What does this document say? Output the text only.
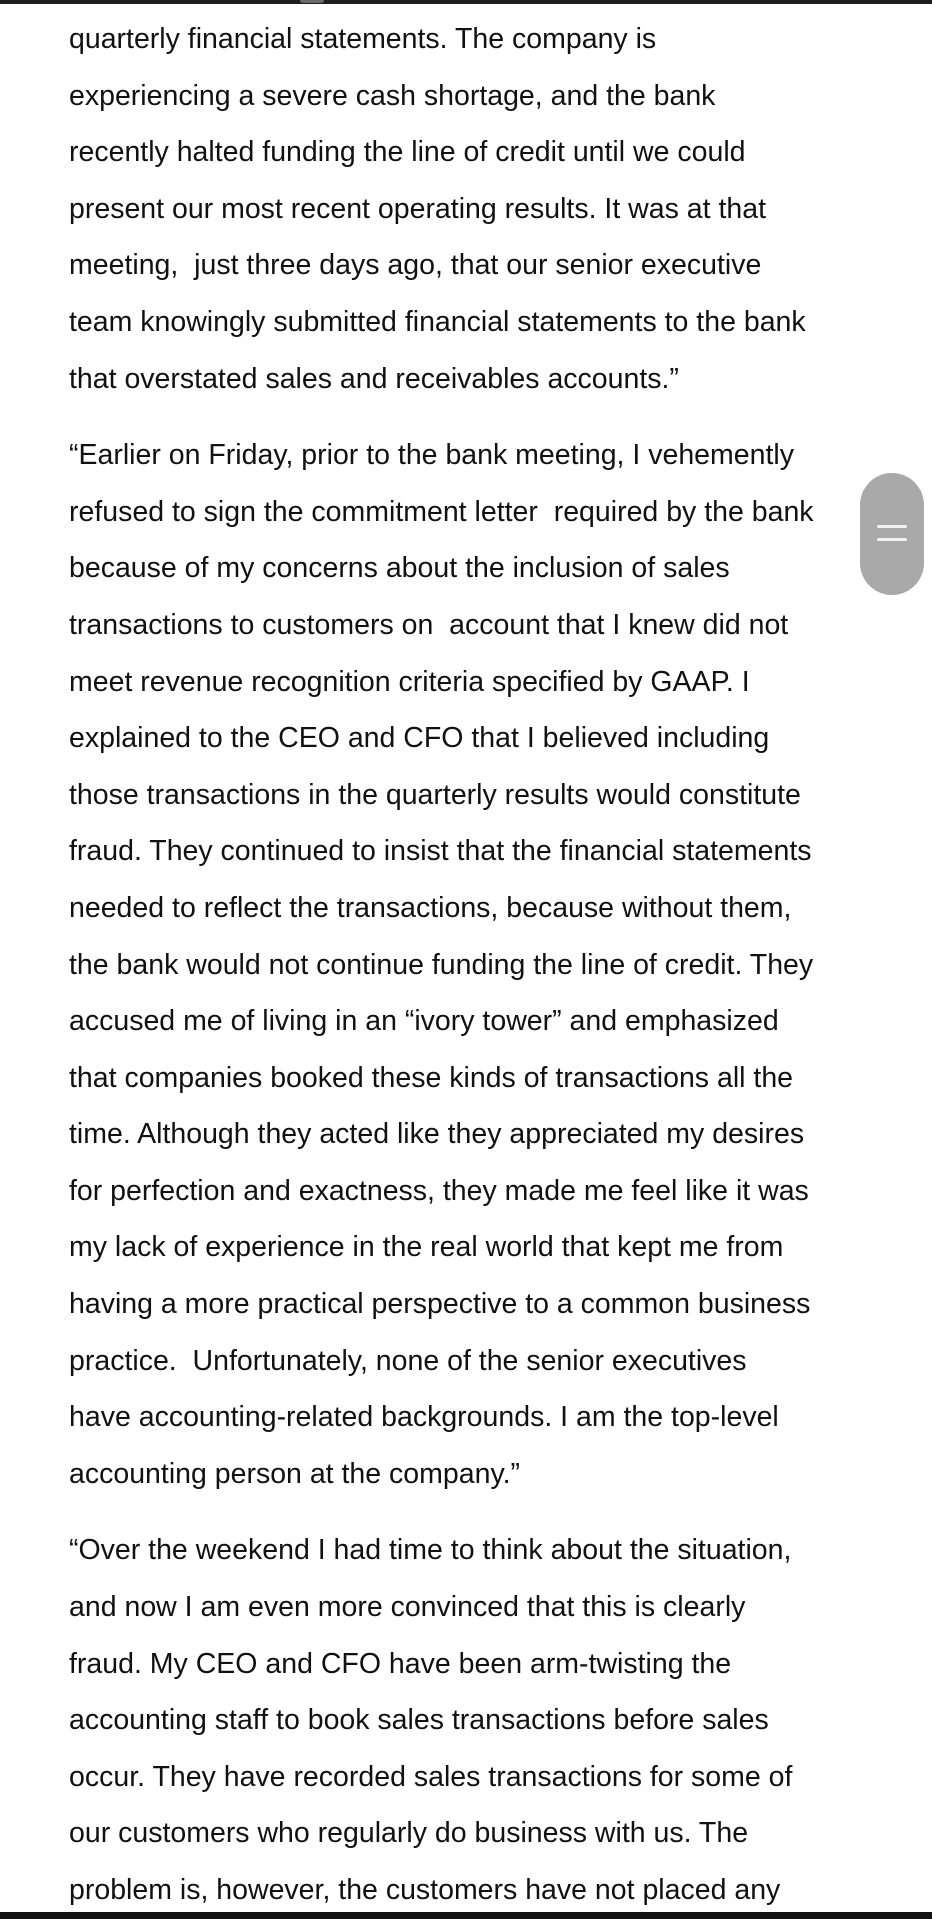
quarterly financial statements. The company is
experiencing a severe cash shortage, and the bank
recently halted funding the line of credit until we could
present our most recent operating results. It was at that
meeting,  just three days ago, that our senior executive
team knowingly submitted financial statements to the bank
that overstated sales and receivables accounts.”

“Earlier on Friday, prior to the bank meeting, I vehemently
refused to sign the commitment letter  required by the bank
because of my concerns about the inclusion of sales
transactions to customers on  account that I knew did not
meet revenue recognition criteria specified by GAAP. I
explained to the CEO and CFO that I believed including
those transactions in the quarterly results would constitute
fraud. They continued to insist that the financial statements
needed to reflect the transactions, because without them,
the bank would not continue funding the line of credit. They
accused me of living in an “ivory tower” and emphasized
that companies booked these kinds of transactions all the
time. Although they acted like they appreciated my desires
for perfection and exactness, they made me feel like it was
my lack of experience in the real world that kept me from
having a more practical perspective to a common business
practice.  Unfortunately, none of the senior executives
have accounting-related backgrounds. I am the top-level
accounting person at the company.”

“Over the weekend I had time to think about the situation,
and now I am even more convinced that this is clearly
fraud. My CEO and CFO have been arm-twisting the
accounting staff to book sales transactions before sales
occur. They have recorded sales transactions for some of
our customers who regularly do business with us. The
problem is, however, the customers have not placed any
